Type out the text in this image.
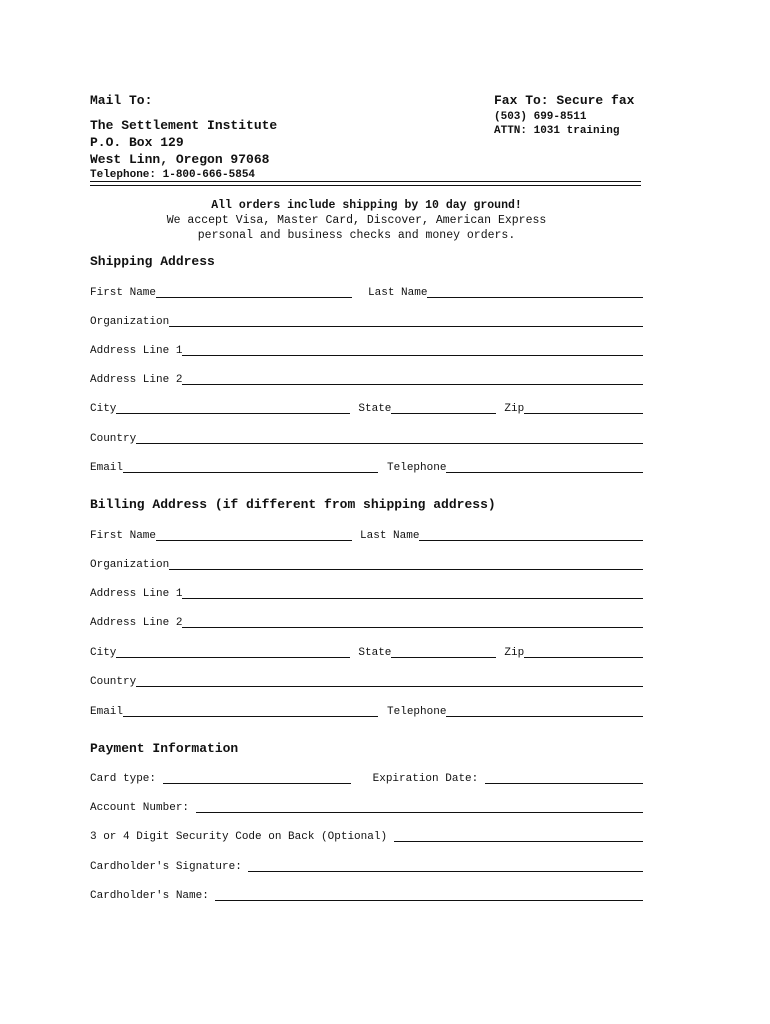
Mail To:
The Settlement Institute
P.O. Box 129
West Linn, Oregon 97068
Telephone: 1-800-666-5854
Fax To: Secure fax
(503) 699-8511
ATTN: 1031 training
All orders include shipping by 10 day ground!
We accept Visa, Master Card, Discover, American Express
personal and business checks and money orders.
Shipping Address
First Name	Last Name
Organization
Address Line 1
Address Line 2
City	State	Zip
Country
Email	Telephone
Billing Address (if different from shipping address)
First Name	Last Name
Organization
Address Line 1
Address Line 2
City	State	Zip
Country
Email	Telephone
Payment Information
Card type:	Expiration Date:
Account Number:
3 or 4 Digit Security Code on Back (Optional)
Cardholder's Signature:
Cardholder's Name:
